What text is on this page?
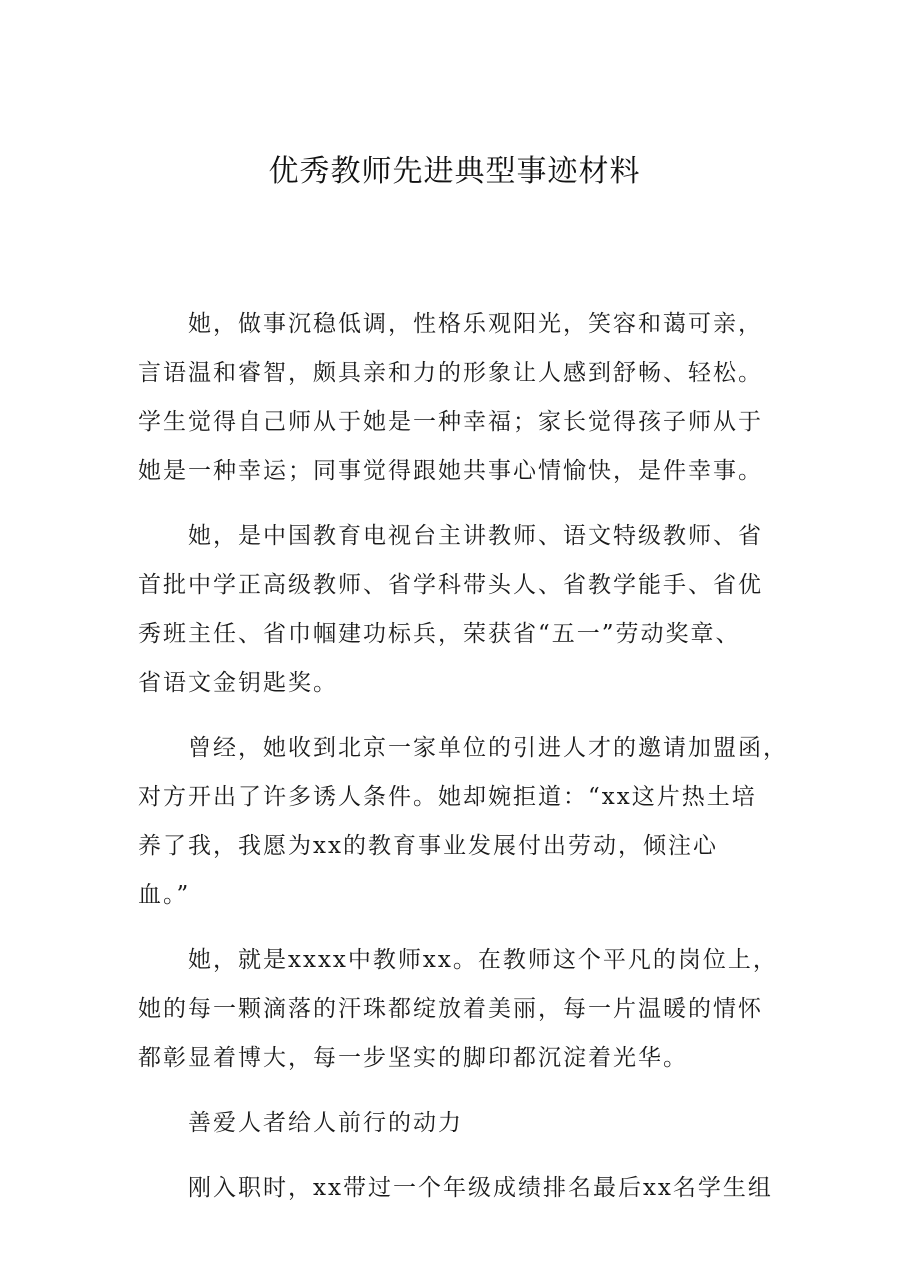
优秀教师先进典型事迹材料

她，做事沉稳低调，性格乐观阳光，笑容和蔼可亲，
言语温和睿智，颇具亲和力的形象让人感到舒畅、轻松。
学生觉得自己师从于她是一种幸福；家长觉得孩子师从于
她是一种幸运；同事觉得跟她共事心情愉快，是件幸事。

她，是中国教育电视台主讲教师、语文特级教师、省
首批中学正高级教师、省学科带头人、省教学能手、省优
秀班主任、省巾帼建功标兵，荣获省“五一”劳动奖章、
省语文金钥匙奖。

曾经，她收到北京一家单位的引进人才的邀请加盟函，
对方开出了许多诱人条件。她却婉拒道：“xx这片热土培
养了我，我愿为xx的教育事业发展付出劳动，倾注心
血。”

她，就是xxxx中教师xx。在教师这个平凡的岗位上，
她的每一颗滴落的汗珠都绽放着美丽，每一片温暖的情怀
都彰显着博大，每一步坚实的脚印都沉淀着光华。

善爱人者给人前行的动力

刚入职时，xx带过一个年级成绩排名最后xx名学生组
